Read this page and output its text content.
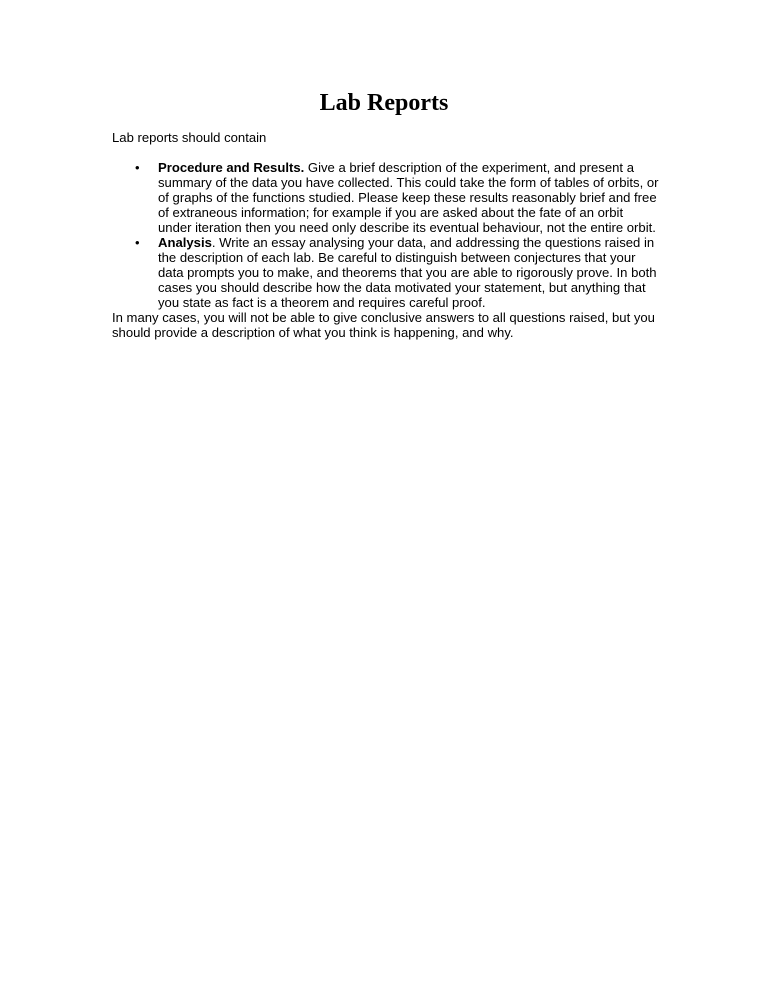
Lab Reports

Lab reports should contain

• Procedure and Results. Give a brief description of the experiment, and present a summary of the data you have collected. This could take the form of tables of orbits, or of graphs of the functions studied. Please keep these results reasonably brief and free of extraneous information; for example if you are asked about the fate of an orbit under iteration then you need only describe its eventual behaviour, not the entire orbit.
• Analysis. Write an essay analysing your data, and addressing the questions raised in the description of each lab. Be careful to distinguish between conjectures that your data prompts you to make, and theorems that you are able to rigorously prove. In both cases you should describe how the data motivated your statement, but anything that you state as fact is a theorem and requires careful proof.

In many cases, you will not be able to give conclusive answers to all questions raised, but you should provide a description of what you think is happening, and why.
